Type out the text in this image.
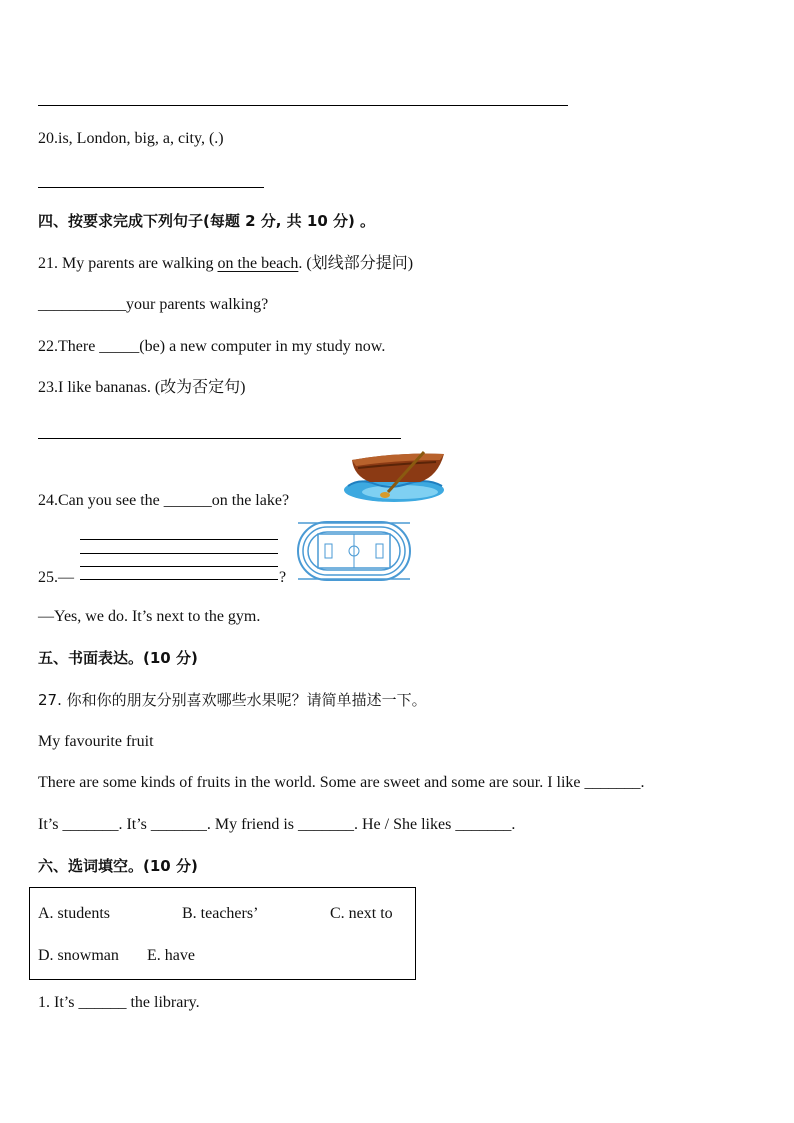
20.is, London, big, a, city, (.)
四、按要求完成下列句子(每题 2 分, 共 10 分) 。
21. My parents are walking on the beach. (划线部分提问)
___________your parents walking?
22.There _____(be) a new computer in my study now.
23.I like bananas. (改为否定句)
24.Can you see the ______on the lake?
25.—	?
—Yes, we do. It’s next to the gym.
五、书面表达。(10 分)
27. 你和你的朋友分别喜欢哪些水果呢？请简单描述一下。
My favourite fruit
There are some kinds of fruits in the world. Some are sweet and some are sour. I like _______.
It’s _______. It’s _______. My friend is _______. He / She likes _______.
六、选词填空。(10 分)
A. students	B. teachers’	C. next to
D. snowman E. have
1. It’s ______ the library.
